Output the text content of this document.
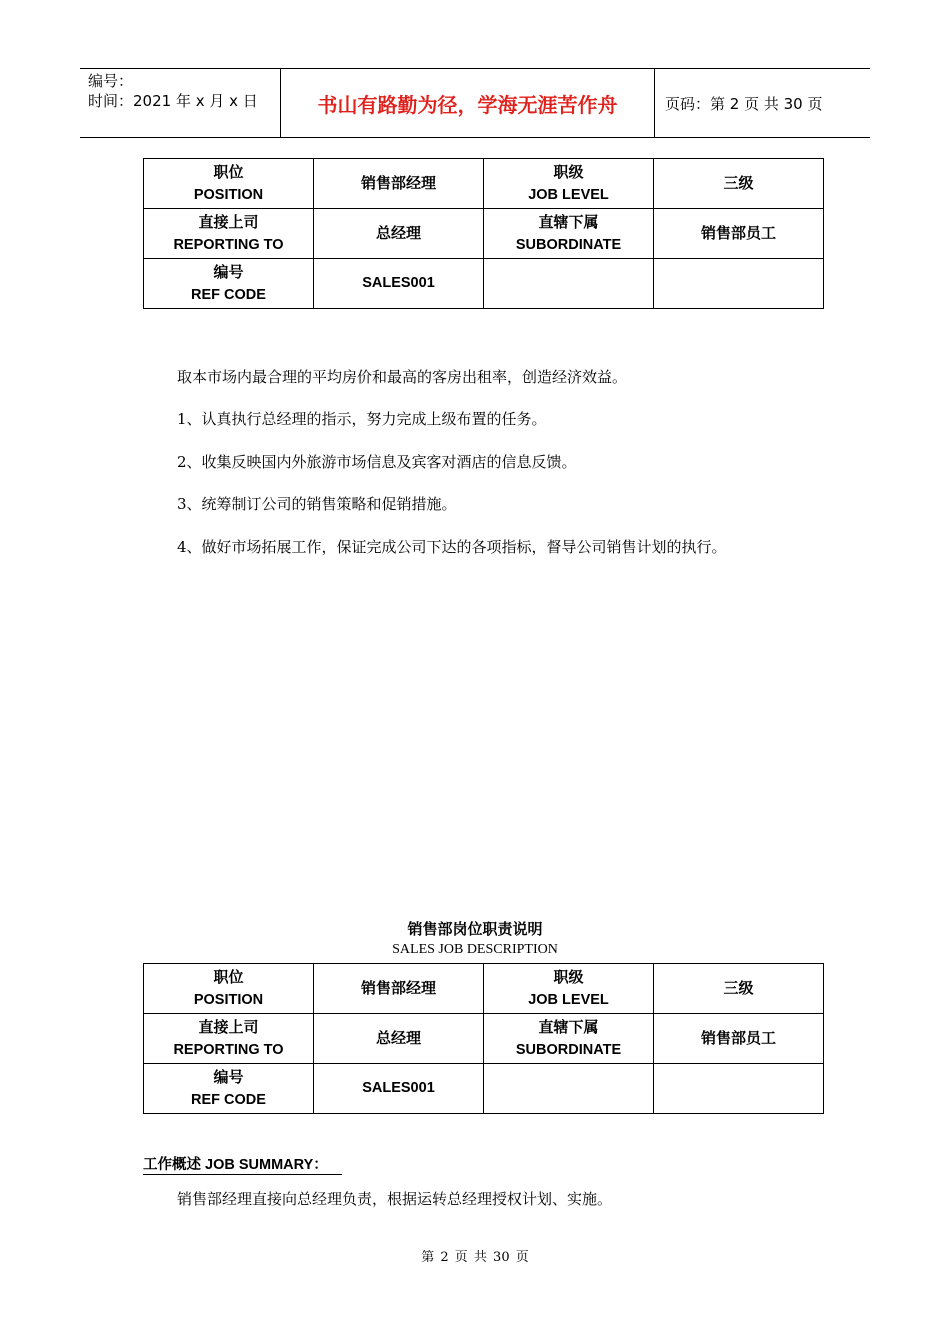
编号：
时间：2021 年 x 月 x 日	书山有路勤为径，学海无涯苦作舟	页码：第 2 页 共 30 页
职位
POSITION	销售部经理	职级
JOB LEVEL	三级

直接上司
REPORTING TO	总经理	直辖下属
SUBORDINATE	销售部员工

编号
REF CODE	SALES001		

取本市场内最合理的平均房价和最高的客房出租率，创造经济效益。
1、认真执行总经理的指示，努力完成上级布置的任务。
2、收集反映国内外旅游市场信息及宾客对酒店的信息反馈。
3、统筹制订公司的销售策略和促销措施。
4、做好市场拓展工作，保证完成公司下达的各项指标，督导公司销售计划的执行。
销售部岗位职责说明
SALES JOB DESCRIPTION
职位
POSITION	销售部经理	职级
JOB LEVEL	三级

直接上司
REPORTING TO	总经理	直辖下属
SUBORDINATE	销售部员工

编号
REF CODE	SALES001		

工作概述 JOB SUMMARY：
销售部经理直接向总经理负责，根据运转总经理授权计划、实施。
第 2 页 共 30 页
